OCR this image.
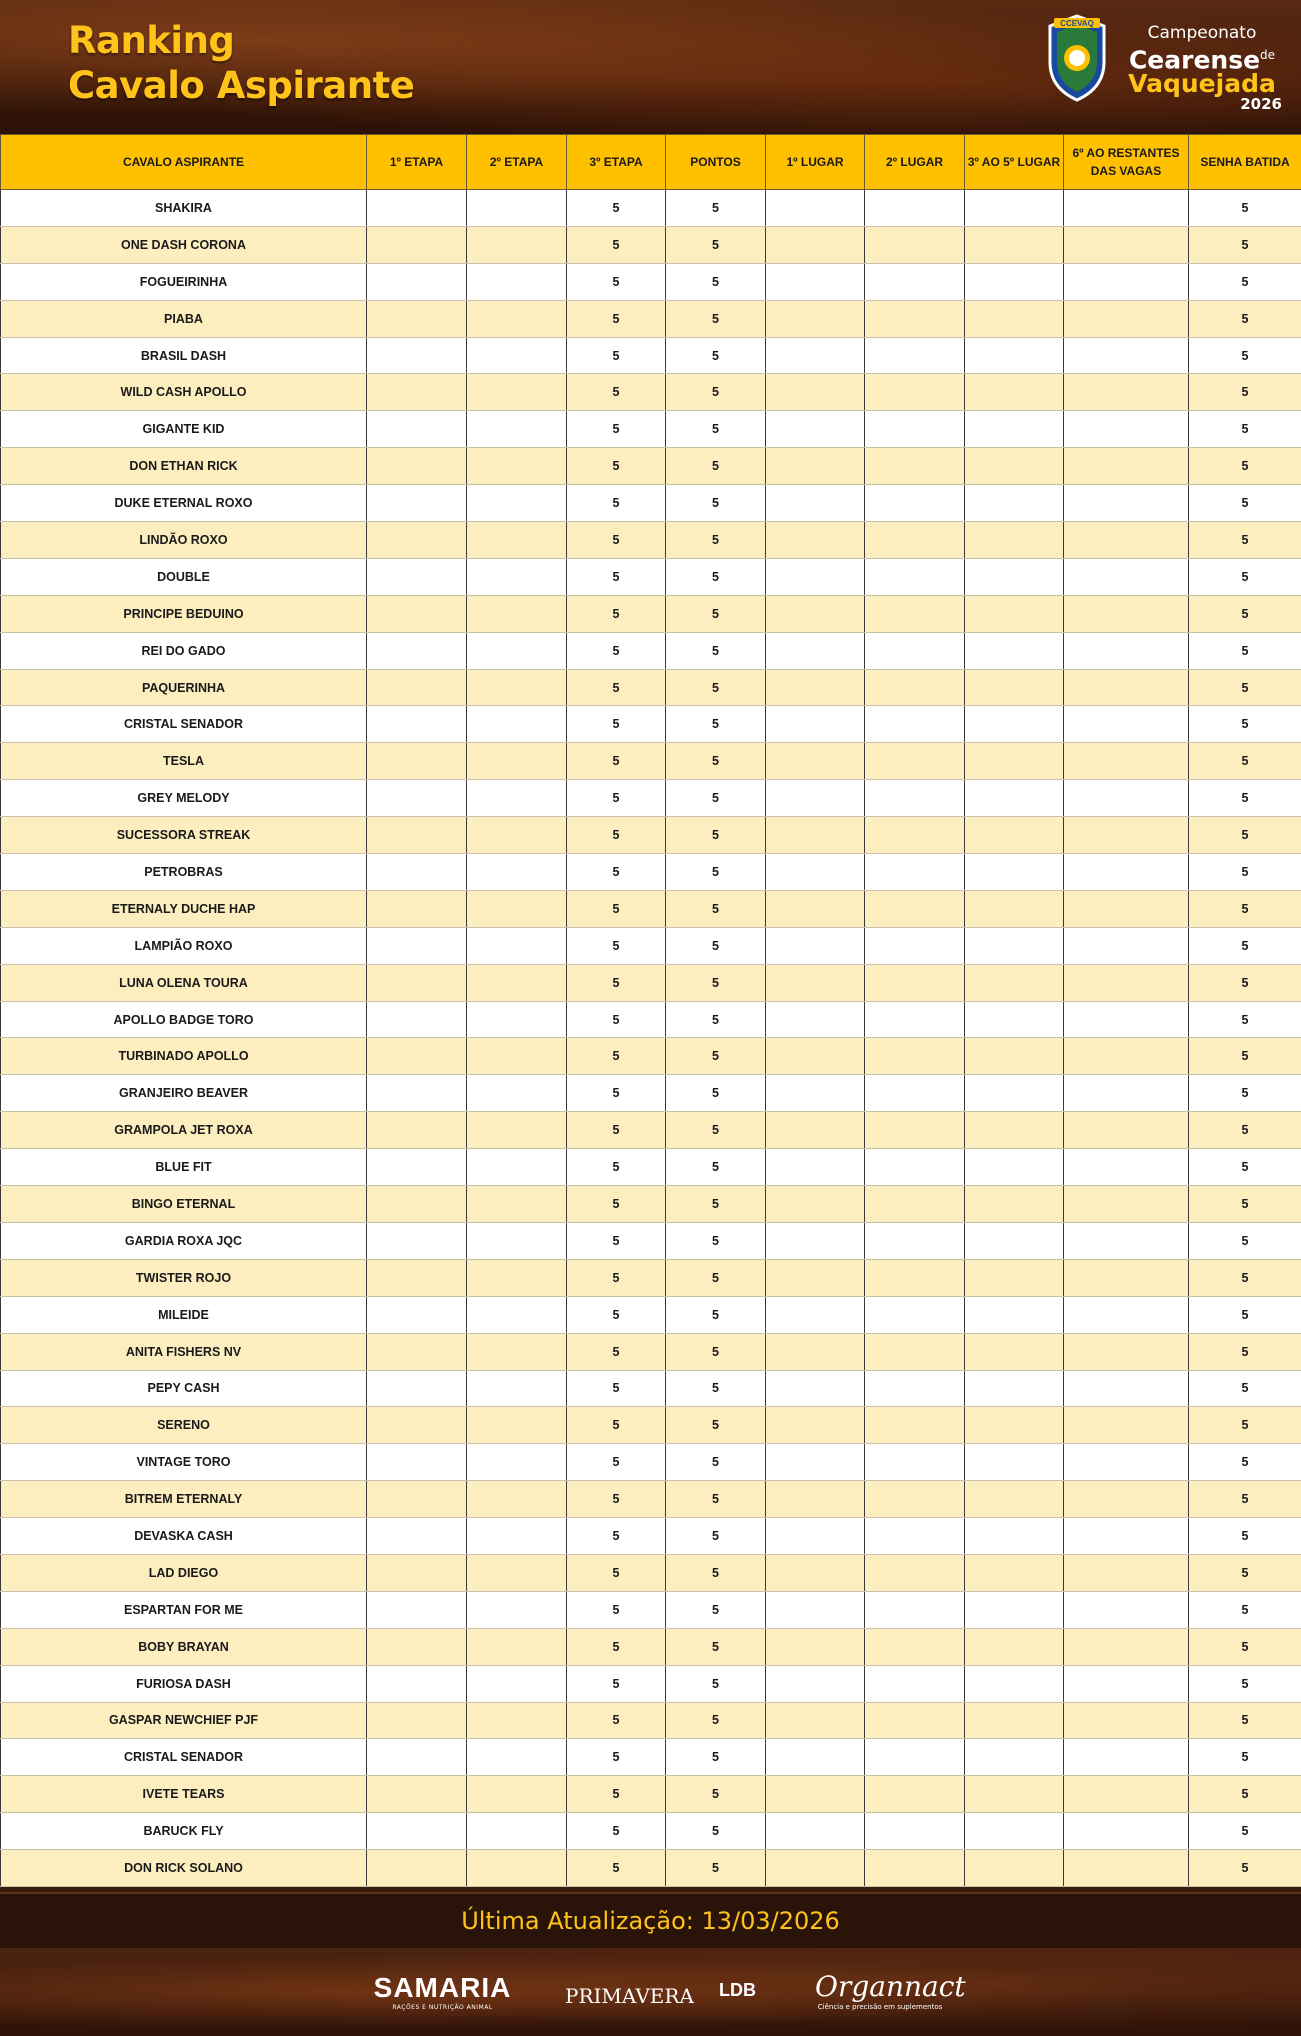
Ranking
Cavalo Aspirante
CCEVAQ	Campeonato
Cearense$^{de}$
Vaquejada
2026
CAVALO ASPIRANTE	1º ETAPA	2º ETAPA	3º ETAPA	PONTOS	1º LUGAR	2º LUGAR	3º AO 5º LUGAR	6º AO RESTANTES DAS VAGAS	SENHA BATIDA
SHAKIRA			5	5					5
ONE DASH CORONA			5	5					5
FOGUEIRINHA			5	5					5
PIABA			5	5					5
BRASIL DASH			5	5					5
WILD CASH APOLLO			5	5					5
GIGANTE KID			5	5					5
DON ETHAN RICK			5	5					5
DUKE ETERNAL ROXO			5	5					5
LINDÃO ROXO			5	5					5
DOUBLE			5	5					5
PRINCIPE BEDUINO			5	5					5
REI DO GADO			5	5					5
PAQUERINHA			5	5					5
CRISTAL SENADOR			5	5					5
TESLA			5	5					5
GREY MELODY			5	5					5
SUCESSORA STREAK			5	5					5
PETROBRAS			5	5					5
ETERNALY DUCHE HAP			5	5					5
LAMPIÃO ROXO			5	5					5
LUNA OLENA TOURA			5	5					5
APOLLO BADGE TORO			5	5					5
TURBINADO APOLLO			5	5					5
GRANJEIRO BEAVER			5	5					5
GRAMPOLA JET ROXA			5	5					5
BLUE FIT			5	5					5
BINGO ETERNAL			5	5					5
GARDIA ROXA JQC			5	5					5
TWISTER ROJO			5	5					5
MILEIDE			5	5					5
ANITA FISHERS NV			5	5					5
PEPY CASH			5	5					5
SERENO			5	5					5
VINTAGE TORO			5	5					5
BITREM ETERNALY			5	5					5
DEVASKA CASH			5	5					5
LAD DIEGO			5	5					5
ESPARTAN FOR ME			5	5					5
BOBY BRAYAN			5	5					5
FURIOSA DASH			5	5					5
GASPAR NEWCHIEF PJF			5	5					5
CRISTAL SENADOR			5	5					5
IVETE TEARS			5	5					5
BARUCK FLY			5	5					5
DON RICK SOLANO			5	5					5
Última Atualização: 13/03/2026
SAMARIA
RAÇÕES E NUTRIÇÃO ANIMAL	PRIMAVERA	LDB	Organnact
Ciência e precisão em suplementos
